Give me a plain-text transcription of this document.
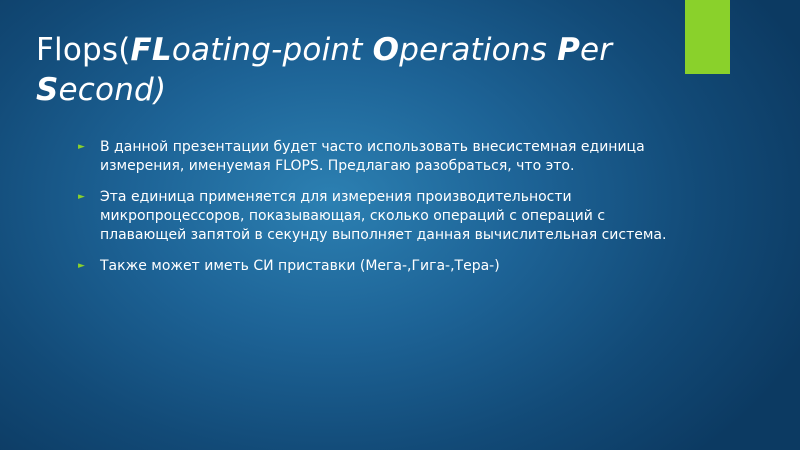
Flops(FLoating-point Operations Per
Second)
► В данной презентации будет часто использовать внесистемная единица измерения, именуемая FLOPS. Предлагаю разобраться, что это.
► Эта единица применяется для измерения производительности микропроцессоров, показывающая, сколько операций с операций с плавающей запятой в секунду выполняет данная вычислительная система.
► Также может иметь СИ приставки (Мега-,Гига-,Тера-)
